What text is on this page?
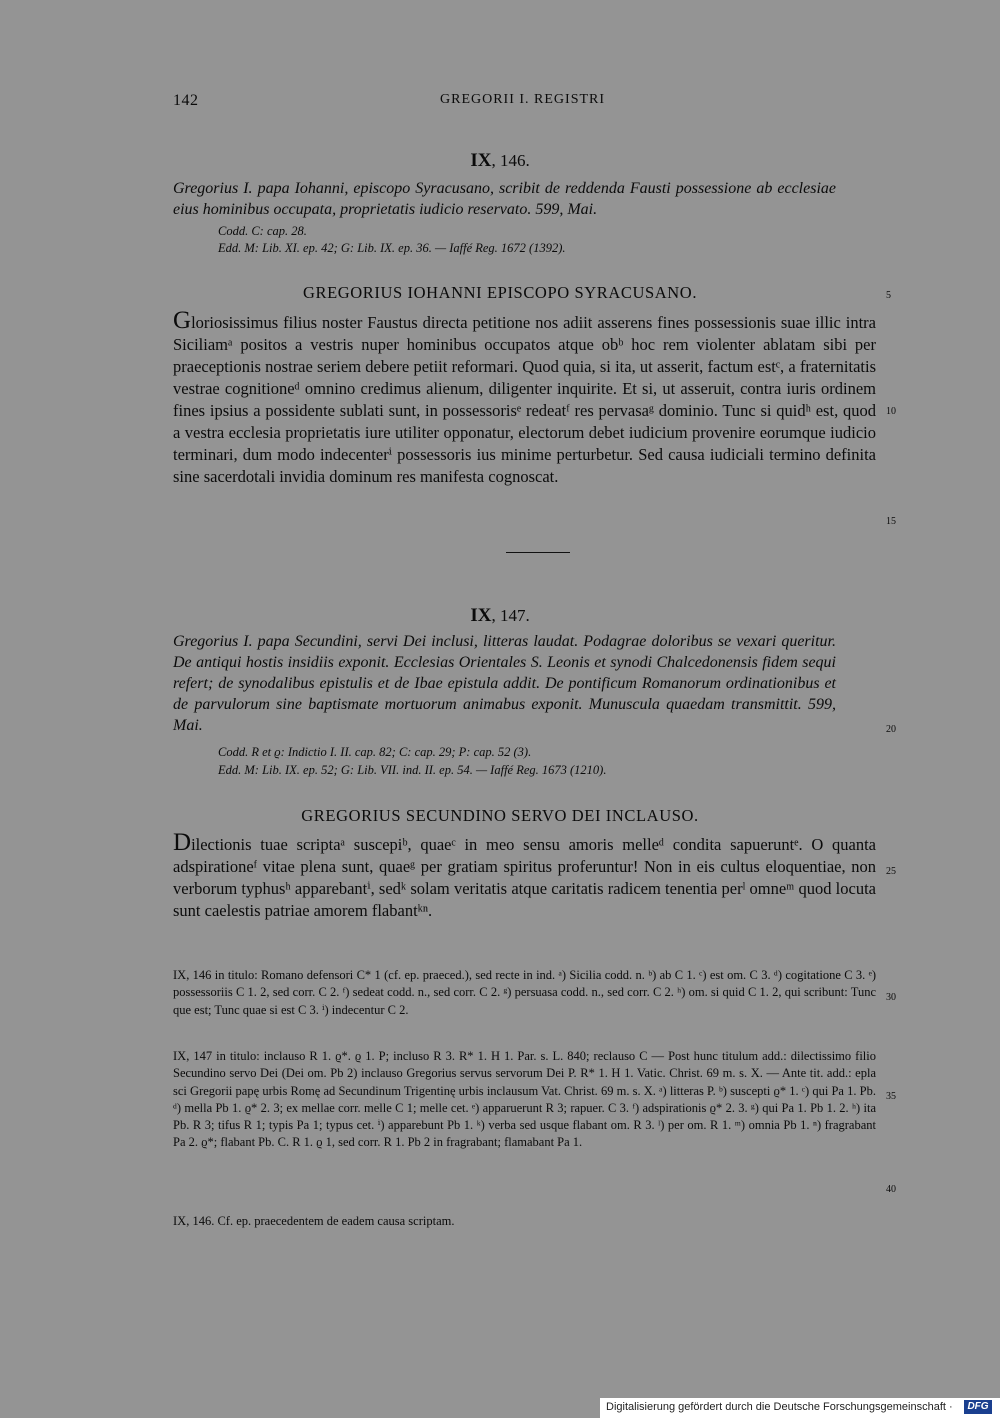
142	GREGORII I. REGISTRI
IX, 146.
Gregorius I. papa Iohanni, episcopo Syracusano, scribit de reddenda Fausti possessione ab ecclesiae eius hominibus occupata, proprietatis iudicio reservato. 599, Mai.
Codd. C: cap. 28.
Edd. M: Lib. XI. ep. 42; G: Lib. IX. ep. 36. — Iaffé Reg. 1672 (1392).
GREGORIUS IOHANNI EPISCOPO SYRACUSANO.

Gloriosissimus filius noster Faustus directa petitione nos adiit asserens fines possessionis suae illic intra Siciliamᵃ positos a vestris nuper hominibus occupatos atque obᵇ hoc rem violenter ablatam sibi per praeceptionis nostrae seriem debere petiit reformari. Quod quia, si ita, ut asserit, factum estᶜ, a fraternitatis vestrae cognitioneᵈ omnino credimus alienum, diligenter inquirite. Et si, ut asseruit, contra iuris ordinem fines ipsius a possidente sublati sunt, in possessorisᵉ redeatᶠ res pervasaᵍ dominio. Tunc si quidʰ est, quod a vestra ecclesia proprietatis iure utiliter opponatur, electorum debet iudicium provenire eorumque iudicio terminari, dum modo indecenterⁱ possessoris ius minime perturbetur. Sed causa iudiciali termino definita sine sacerdotali invidia dominum res manifesta cognoscat.

IX, 147.
Gregorius I. papa Secundini, servi Dei inclusi, litteras laudat. Podagrae doloribus se vexari queritur. De antiqui hostis insidiis exponit. Ecclesias Orientales S. Leonis et synodi Chalcedonensis fidem sequi refert; de synodalibus epistulis et de Ibae epistula addit. De pontificum Romanorum ordinationibus et de parvulorum sine baptismate mortuorum animabus exponit. Munuscula quaedam transmittit. 599, Mai.
Codd. R et ϱ: Indictio I. II. cap. 82; C: cap. 29; P: cap. 52 (3).
Edd. M: Lib. IX. ep. 52; G: Lib. VII. ind. II. ep. 54. — Iaffé Reg. 1673 (1210).
GREGORIUS SECUNDINO SERVO DEI INCLAUSO.

Dilectionis tuae scriptaᵃ suscepiᵇ, quaeᶜ in meo sensu amoris melleᵈ condita sapueruntᵉ. O quanta adspirationeᶠ vitae plena sunt, quaeᵍ per gratiam spiritus proferuntur! Non in eis cultus eloquentiae, non verborum typhusʰ apparebantⁱ, sedᵏ solam veritatis atque caritatis radicem tenentia perˡ omneᵐ quod locuta sunt caelestis patriae amorem flabantᵏⁿ.

5
10
15
20
25
30
35
40

IX, 146 in titulo: Romano defensori C* 1 (cf. ep. praeced.), sed recte in ind. ᵃ) Sicilia codd. n. ᵇ) ab C 1. ᶜ) est om. C 3. ᵈ) cogitatione C 3. ᵉ) possessoriis C 1. 2, sed corr. C 2. ᶠ) sedeat codd. n., sed corr. C 2. ᵍ) persuasa codd. n., sed corr. C 2. ʰ) om. si quid C 1. 2, qui scribunt: Tunc que est; Tunc quae si est C 3. ⁱ) indecentur C 2.

IX, 147 in titulo: inclauso R 1. ϱ*. ϱ 1. P; incluso R 3. R* 1. H 1. Par. s. L. 840; reclauso C — Post hunc titulum add.: dilectissimo filio Secundino servo Dei (Dei om. Pb 2) inclauso Gregorius servus servorum Dei P. R* 1. H 1. Vatic. Christ. 69 m. s. X. — Ante tit. add.: epla sci Gregorii papę urbis Romę ad Secundinum Trigentinę urbis inclausum Vat. Christ. 69 m. s. X. ᵃ) litteras P. ᵇ) suscepti ϱ* 1. ᶜ) qui Pa 1. Pb. ᵈ) mella Pb 1. ϱ* 2. 3; ex mellae corr. melle C 1; melle cet. ᵉ) apparuerunt R 3; rapuer. C 3. ᶠ) adspirationis ϱ* 2. 3. ᵍ) qui Pa 1. Pb 1. 2. ʰ) ita Pb. R 3; tifus R 1; typis Pa 1; typus cet. ⁱ) apparebunt Pb 1. ᵏ) verba sed usque flabant om. R 3. ˡ) per om. R 1. ᵐ) omnia Pb 1. ⁿ) fragrabant Pa 2. ϱ*; flabant Pb. C. R 1. ϱ 1, sed corr. R 1. Pb 2 in fragrabant; flamabant Pa 1.

IX, 146. Cf. ep. praecedentem de eadem causa scriptam.

Digitalisierung gefördert durch die Deutsche Forschungsgemeinschaft ·	DFG
